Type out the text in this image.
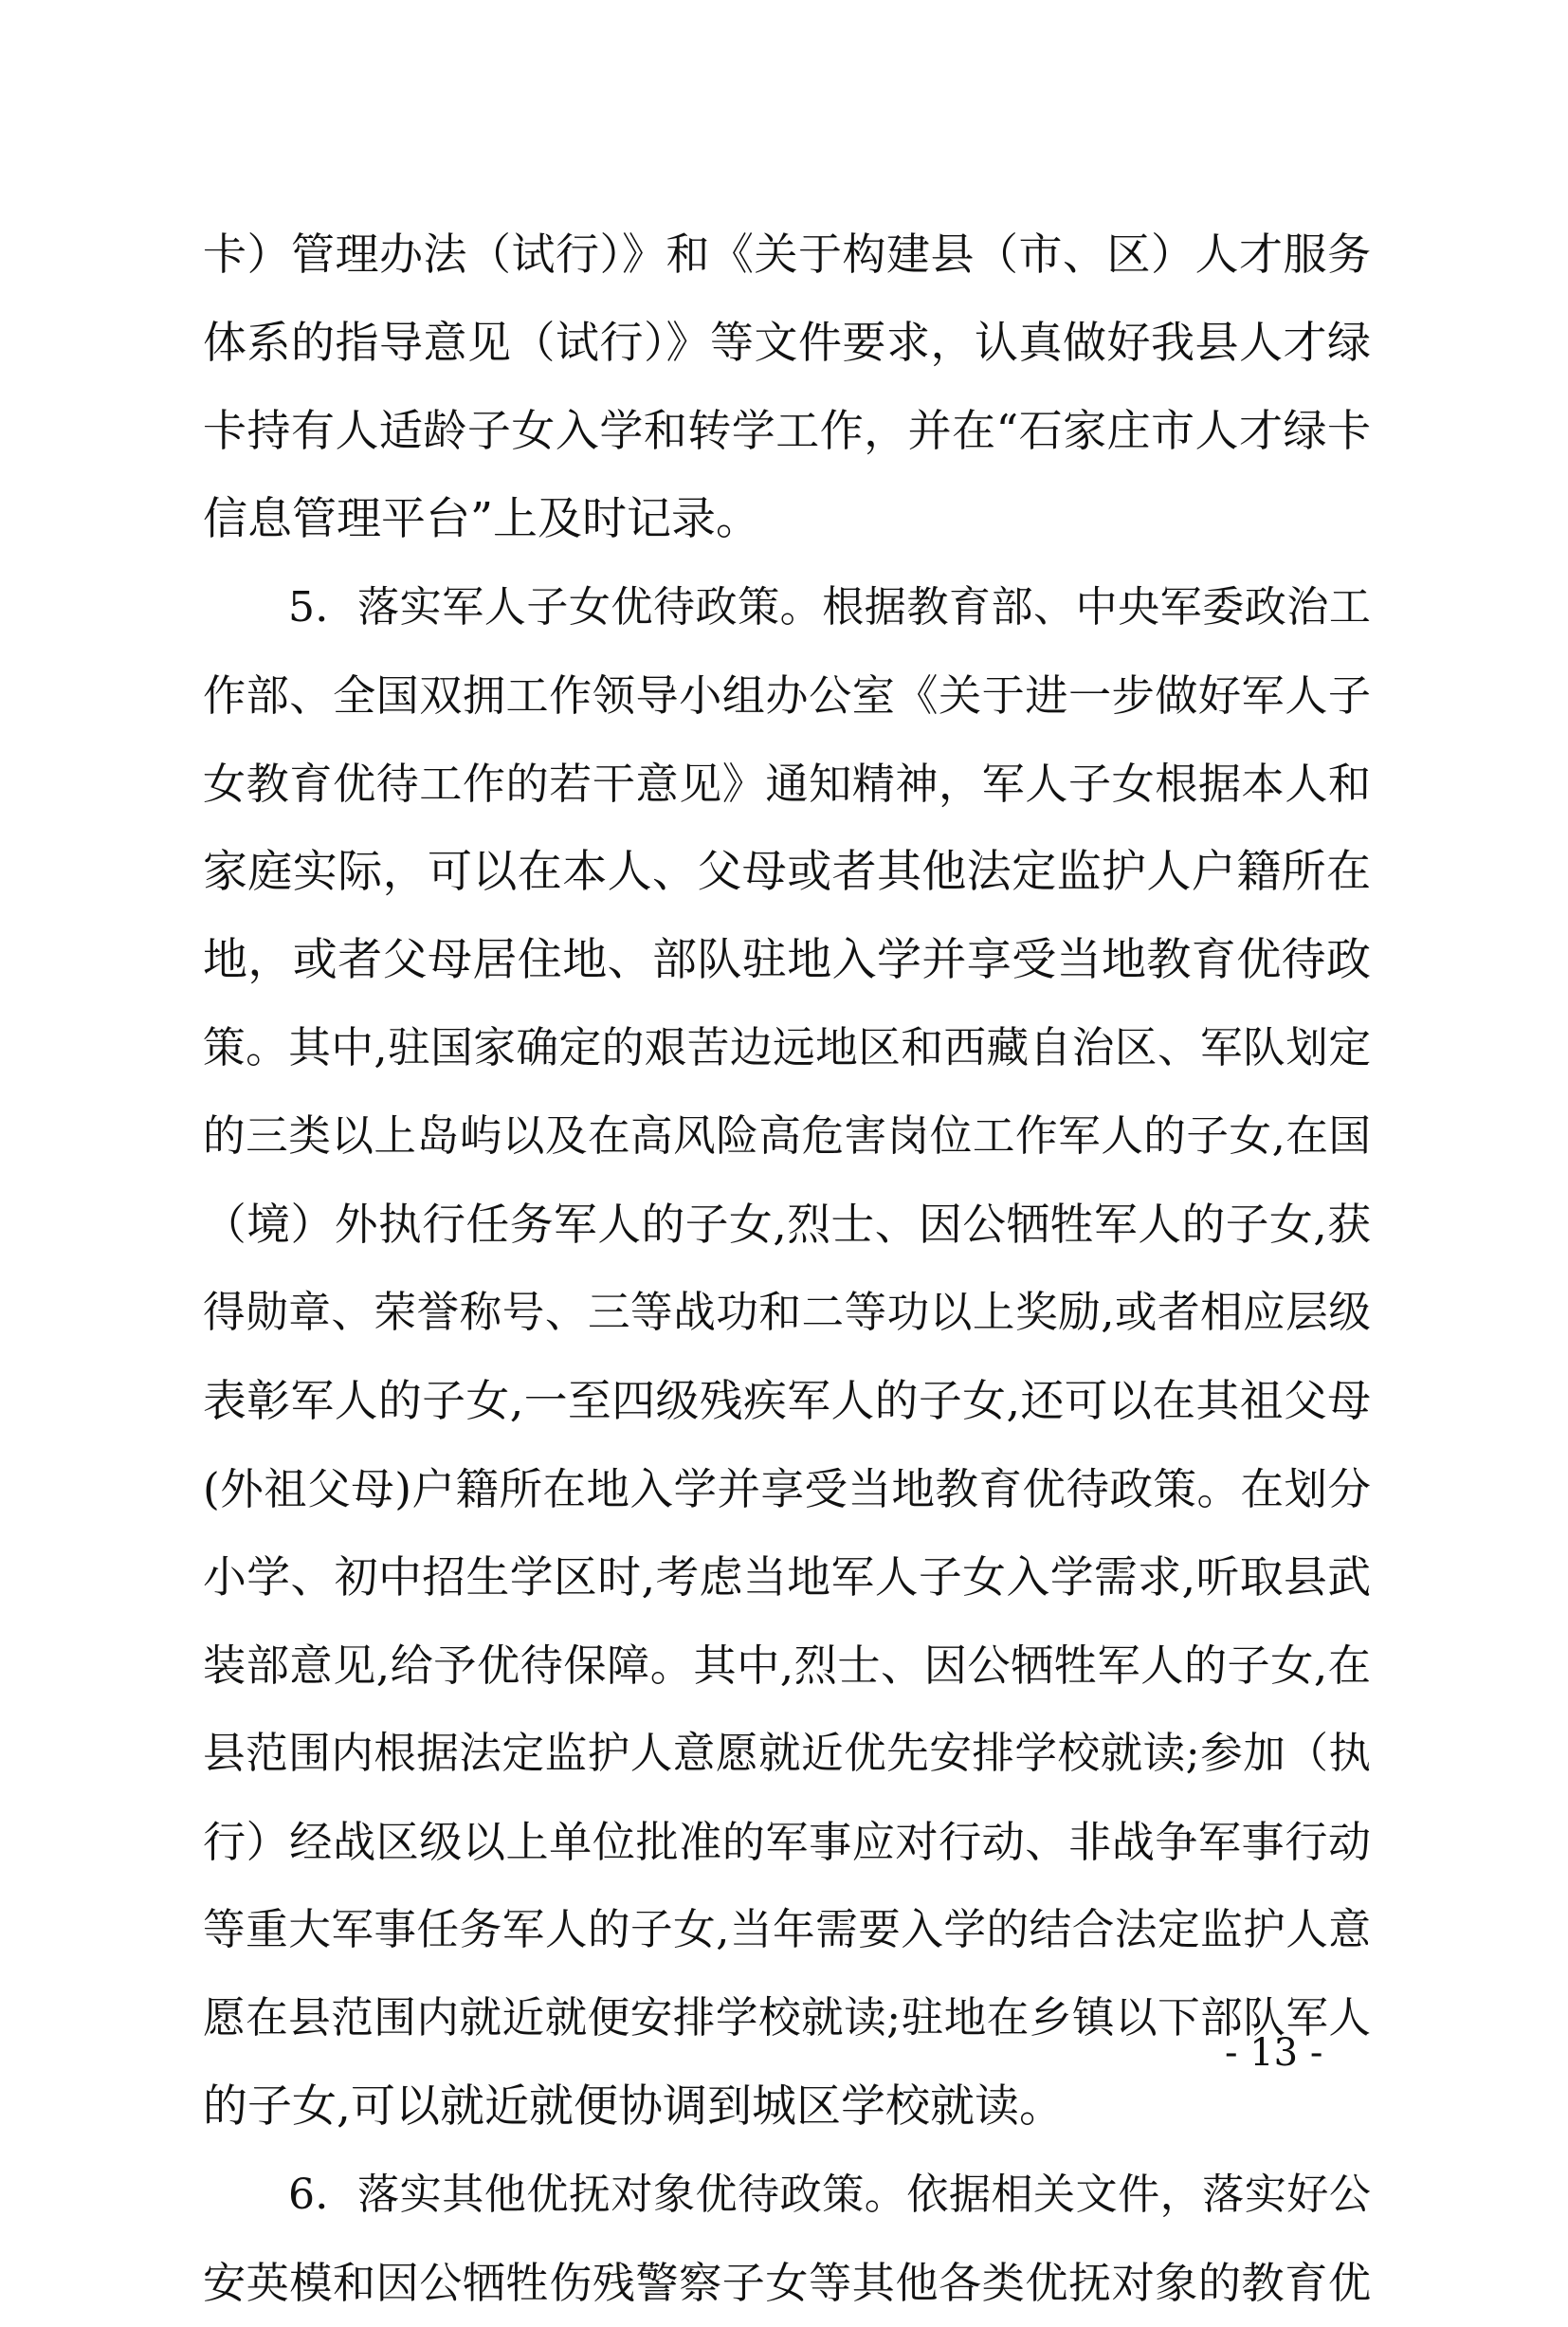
卡）管理办法（试行）》和《关于构建县（市、区）人才服务
体系的指导意见（试行）》等文件要求，认真做好我县人才绿
卡持有人适龄子女入学和转学工作，并在“石家庄市人才绿卡
信息管理平台”上及时记录。
5．落实军人子女优待政策。根据教育部、中央军委政治工
作部、全国双拥工作领导小组办公室《关于进一步做好军人子
女教育优待工作的若干意见》通知精神，军人子女根据本人和
家庭实际，可以在本人、父母或者其他法定监护人户籍所在
地，或者父母居住地、部队驻地入学并享受当地教育优待政
策。其中,驻国家确定的艰苦边远地区和西藏自治区、军队划定
的三类以上岛屿以及在高风险高危害岗位工作军人的子女,在国
（境）外执行任务军人的子女,烈士、因公牺牲军人的子女,获
得勋章、荣誉称号、三等战功和二等功以上奖励,或者相应层级
表彰军人的子女,一至四级残疾军人的子女,还可以在其祖父母
(外祖父母)户籍所在地入学并享受当地教育优待政策。在划分
小学、初中招生学区时,考虑当地军人子女入学需求,听取县武
装部意见,给予优待保障。其中,烈士、因公牺牲军人的子女,在
县范围内根据法定监护人意愿就近优先安排学校就读;参加（执
行）经战区级以上单位批准的军事应对行动、非战争军事行动
等重大军事任务军人的子女,当年需要入学的结合法定监护人意
愿在县范围内就近就便安排学校就读;驻地在乡镇以下部队军人
的子女,可以就近就便协调到城区学校就读。
6．落实其他优抚对象优待政策。依据相关文件，落实好公
安英模和因公牺牲伤残警察子女等其他各类优抚对象的教育优
- 13 -
